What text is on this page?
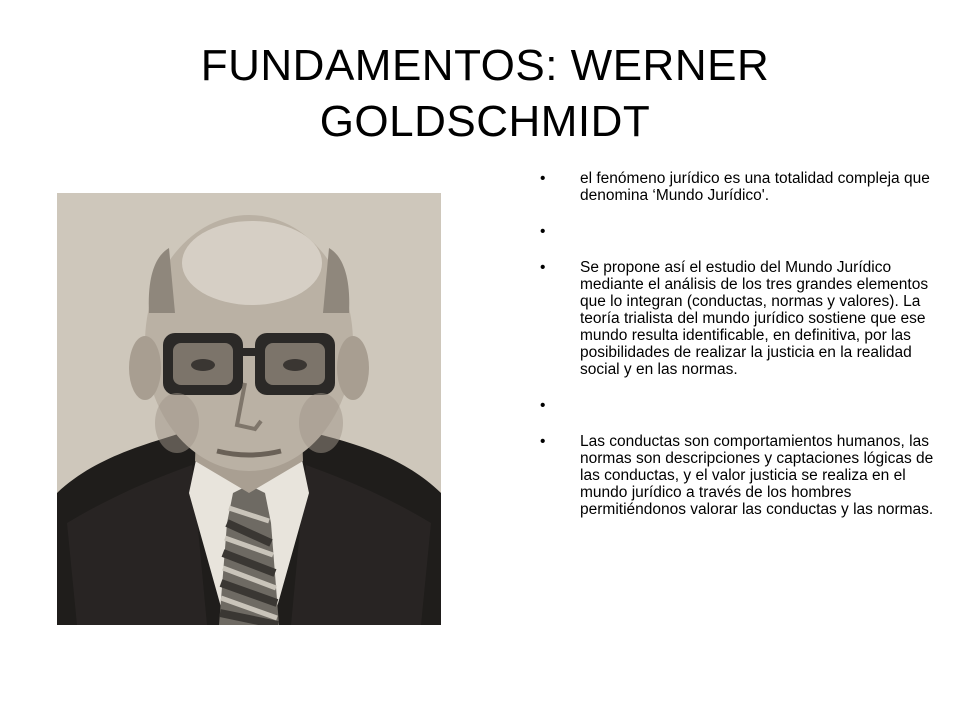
FUNDAMENTOS: WERNER GOLDSCHMIDT
• el fenómeno jurídico es una totalidad compleja que denomina ‘Mundo Jurídico'.
•
• Se propone así el estudio del Mundo Jurídico mediante el análisis de los tres grandes elementos que lo integran (conductas, normas y valores). La teoría trialista del mundo jurídico sostiene que ese mundo resulta identificable, en definitiva, por las posibilidades de realizar la justicia en la realidad social y en las normas.
•
• Las conductas son comportamientos humanos, las normas son descripciones y captaciones lógicas de las conductas, y el valor justicia se realiza en el mundo jurídico a través de los hombres permitiéndonos valorar las conductas y las normas.
